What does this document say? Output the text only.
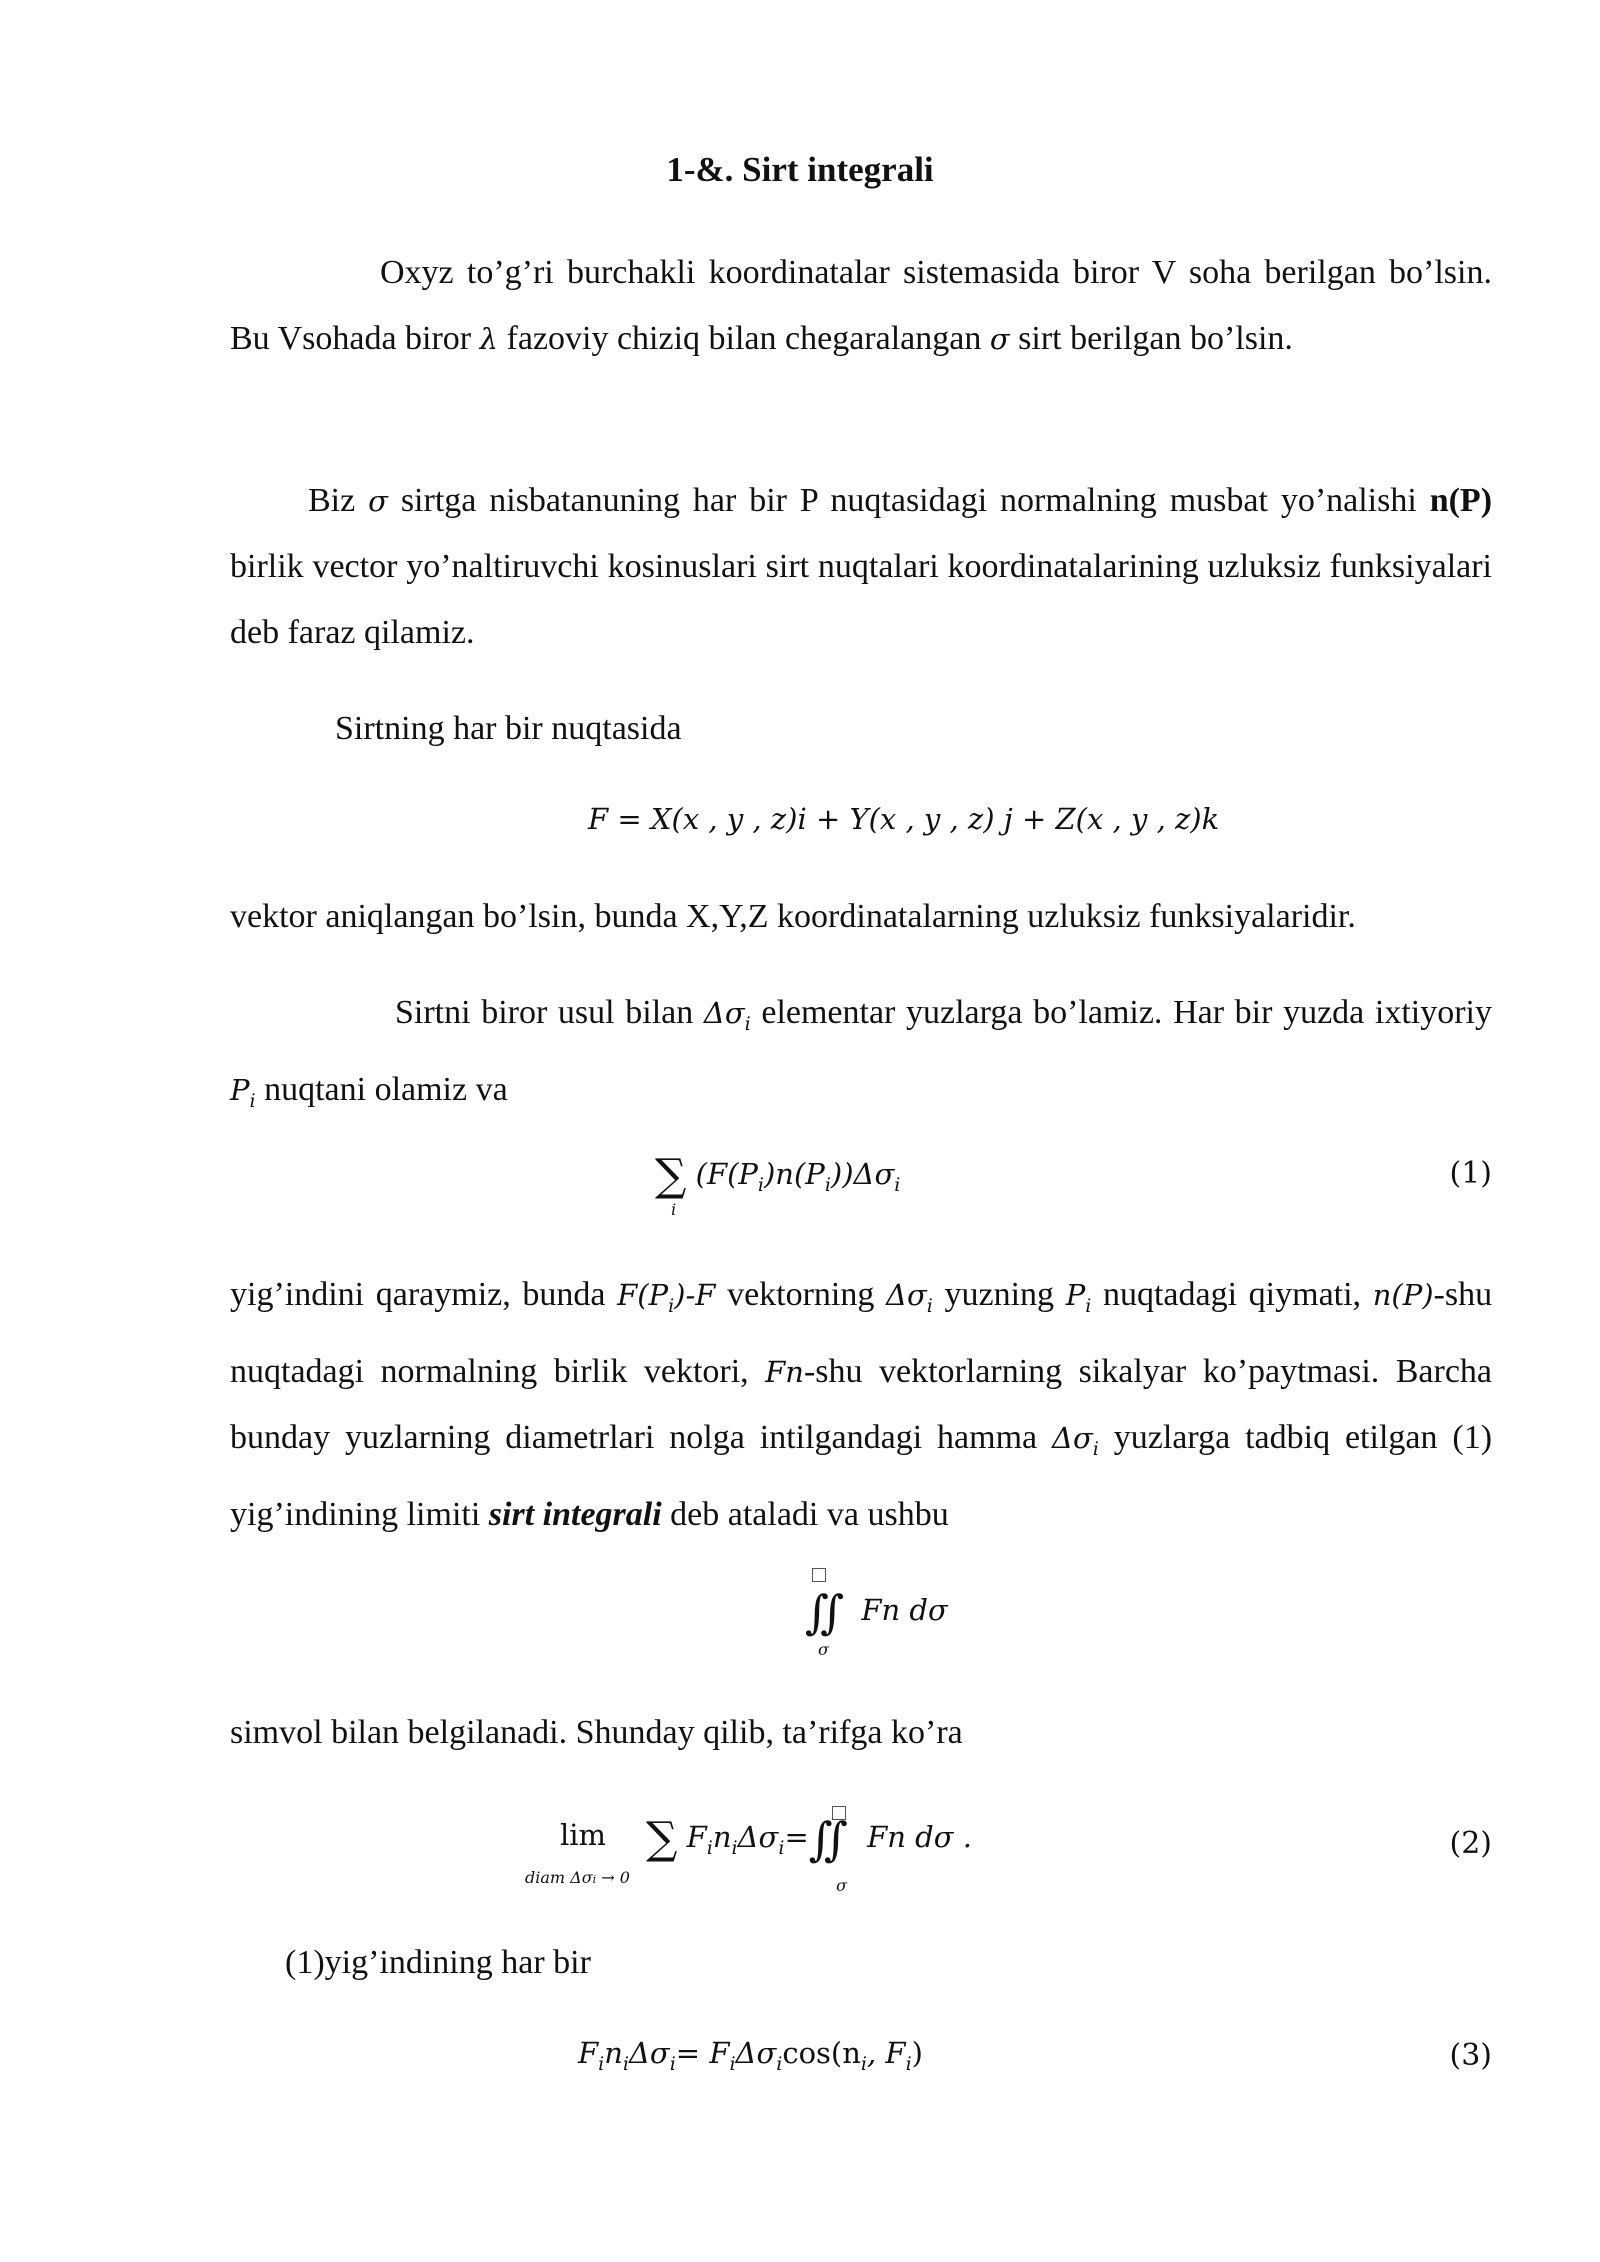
1-&. Sirt integrali

Oxyz to’g’ri burchakli koordinatalar sistemasida biror V soha berilgan bo’lsin. Bu Vsohada biror λ fazoviy chiziq bilan chegaralangan σ sirt berilgan bo’lsin.

Biz σ sirtga nisbatanuning har bir P nuqtasidagi normalning musbat yo’nalishi n(P) birlik vector yo’naltiruvchi kosinuslari sirt nuqtalari koordinatalarining uzluksiz funksiyalari deb faraz qilamiz.

Sirtning har bir nuqtasida

F = X(x , y , z)i + Y(x , y , z) j + Z(x , y , z)k

vektor aniqlangan bo’lsin, bunda X,Y,Z koordinatalarning uzluksiz funksiyalaridir.

Sirtni biror usul bilan $\Delta\sigma_i$ elementar yuzlarga bo’lamiz. Har bir yuzda ixtiyoriy $P_i$ nuqtani olamiz va

∑ $(F(P_i)n(P_i))\Delta\sigma_i$
i
(1)

yig’indini qaraymiz, bunda $F(P_i)-F$ vektorning $\Delta\sigma_i$ yuzning $P_i$ nuqtadagi qiymati, n(P)-shu nuqtadagi normalning birlik vektori, Fn-shu vektorlarning sikalyar ko’paytmasi. Barcha bunday yuzlarning diametrlari nolga intilgandagi hamma $\Delta\sigma_i$ yuzlarga tadbiq etilgan (1) yig’indining limiti sirt integrali deb ataladi va ushbu

∬ Fn dσ
σ

simvol bilan belgilanadi. Shunday qilib, ta’rifga ko’ra

lim
diam Δσi → 0
∑ $F_in_i\Delta\sigma_i=∬$ Fn dσ .
σ
(2)

(1)yig’indining har bir

$F_in_i\Delta\sigma_i= F_i\Delta\sigma_i\cos(n_i$, $F_i$)	(3)
